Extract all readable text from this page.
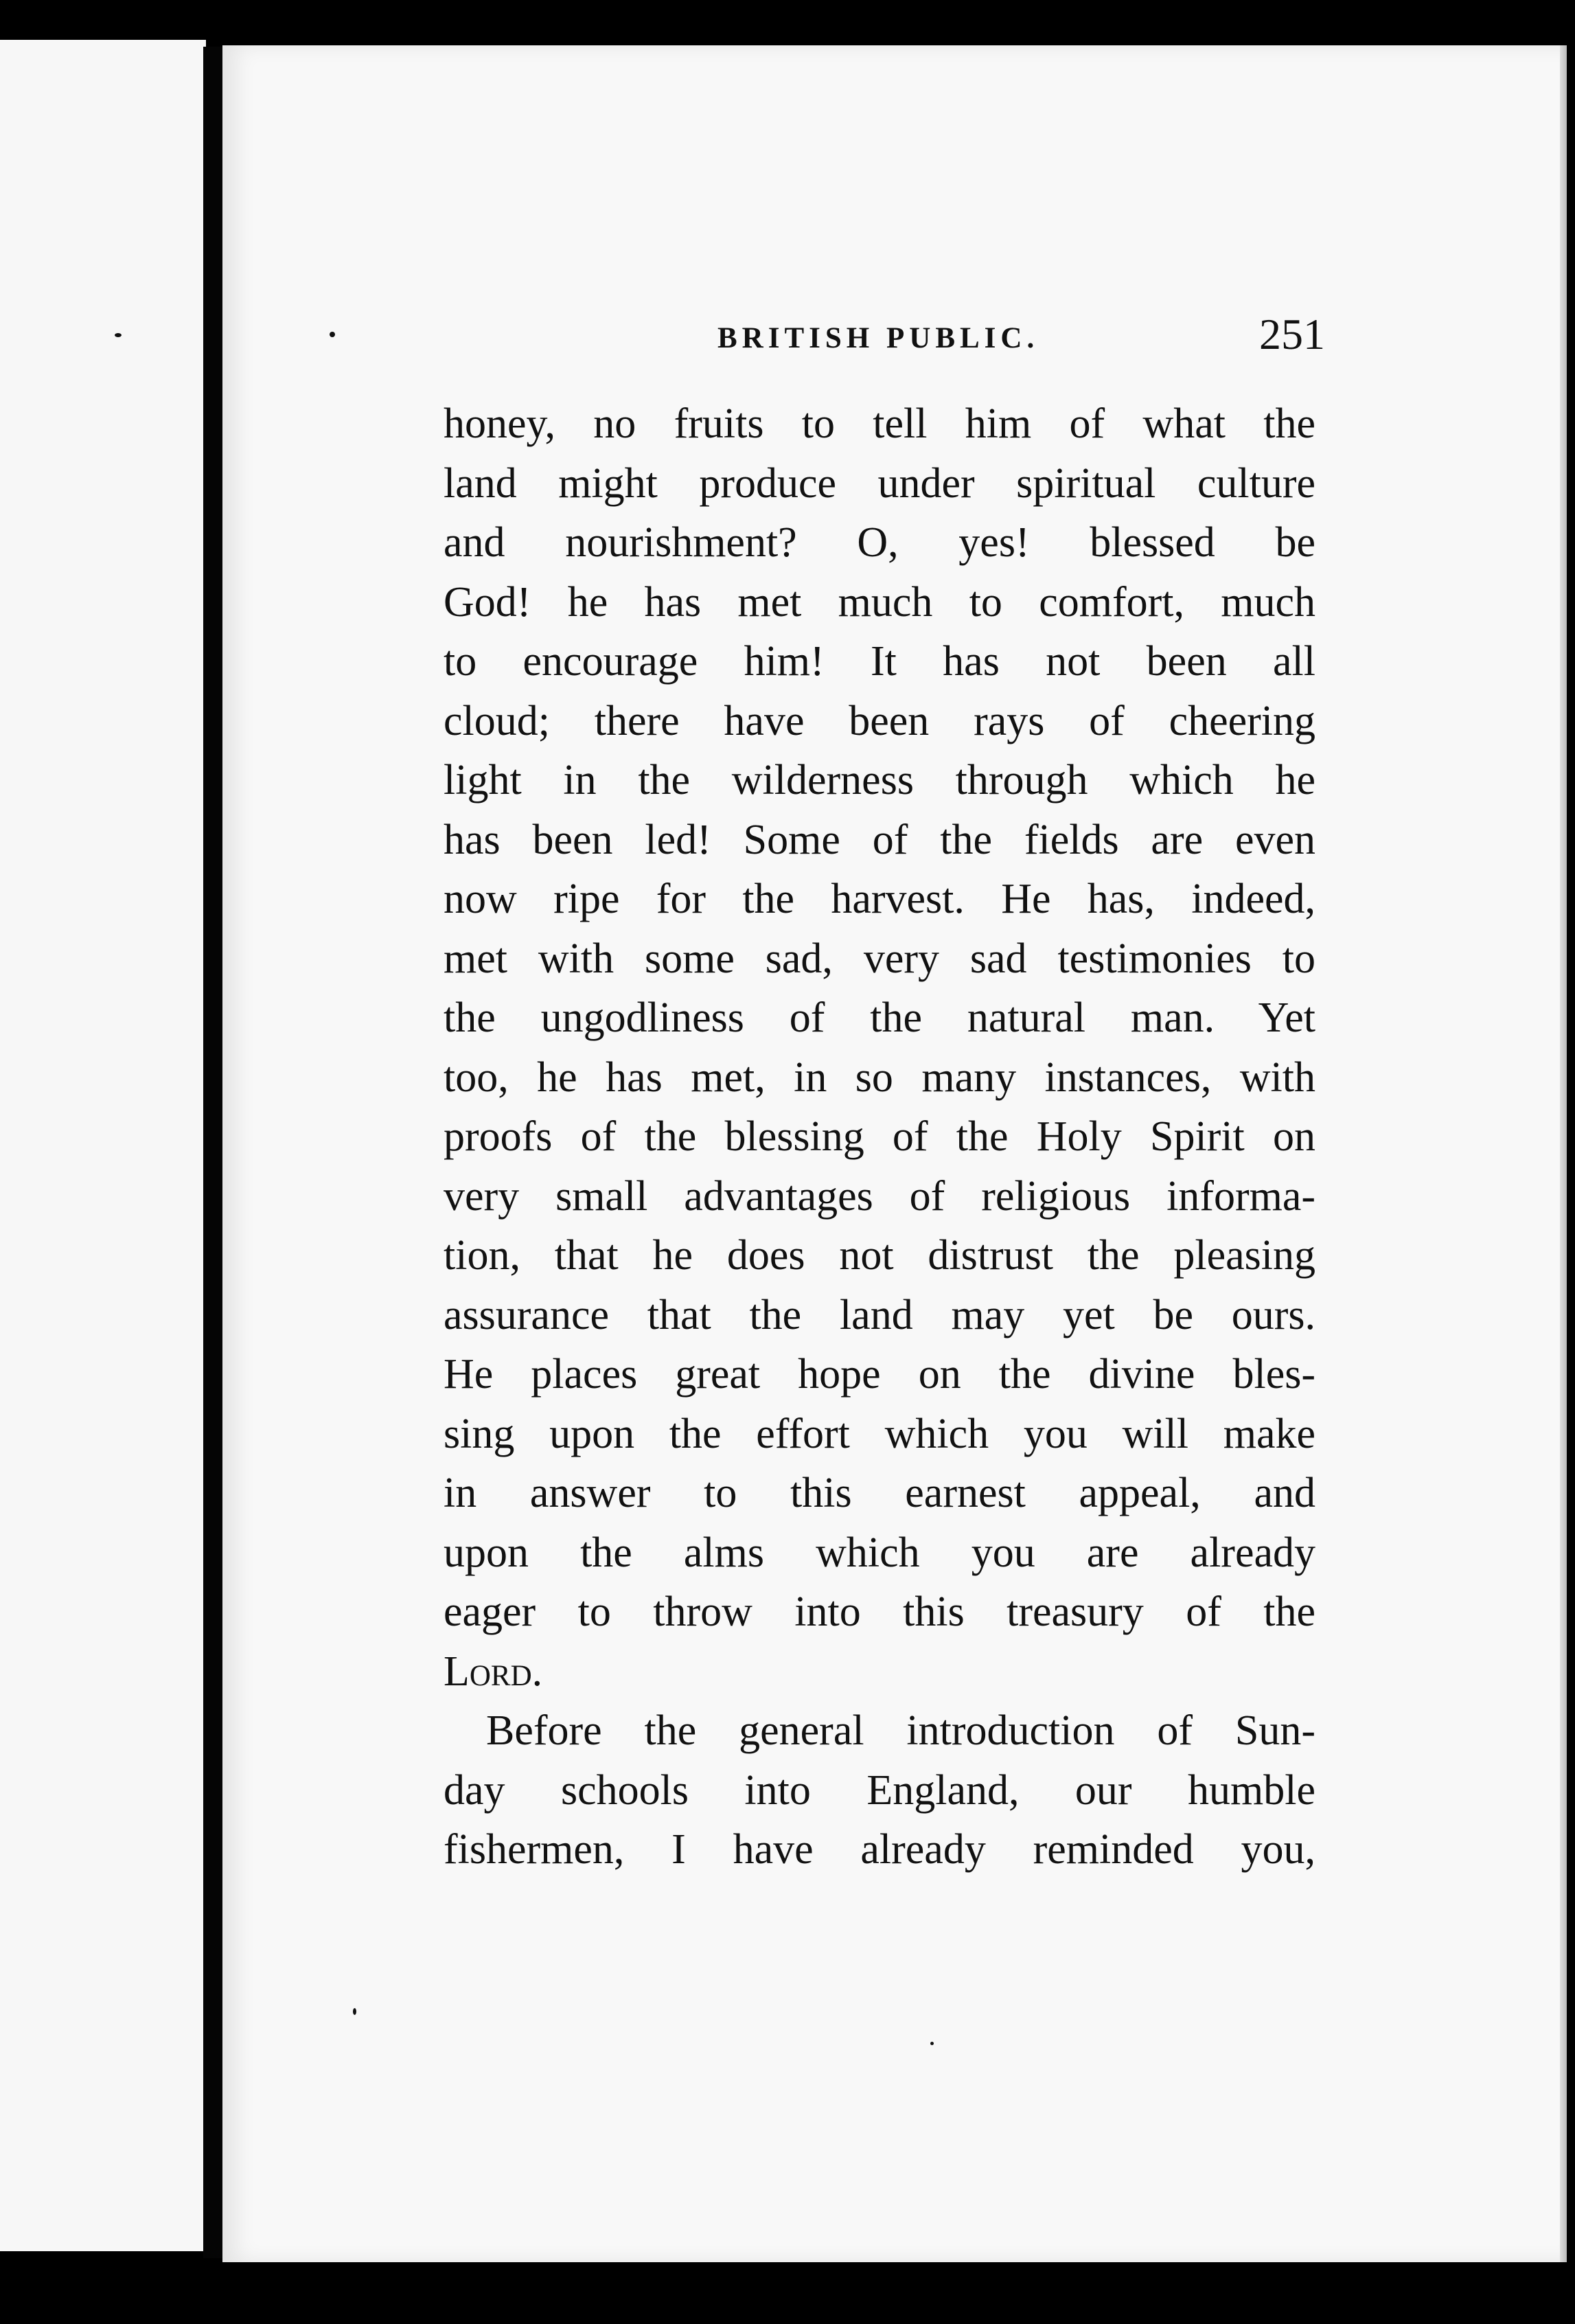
BRITISH PUBLIC.	251
honey, no fruits to tell him of what the
land might produce under spiritual culture
and nourishment? O, yes! blessed be
God! he has met much to comfort, much
to encourage him! It has not been all
cloud; there have been rays of cheering
light in the wilderness through which he
has been led! Some of the fields are even
now ripe for the harvest. He has, indeed,
met with some sad, very sad testimonies to
the ungodliness of the natural man. Yet
too, he has met, in so many instances, with
proofs of the blessing of the Holy Spirit on
very small advantages of religious informa-
tion, that he does not distrust the pleasing
assurance that the land may yet be ours.
He places great hope on the divine bles-
sing upon the effort which you will make
in answer to this earnest appeal, and
upon the alms which you are already
eager to throw into this treasury of the
Lord.
Before the general introduction of Sun-
day schools into England, our humble
fishermen, I have already reminded you,
